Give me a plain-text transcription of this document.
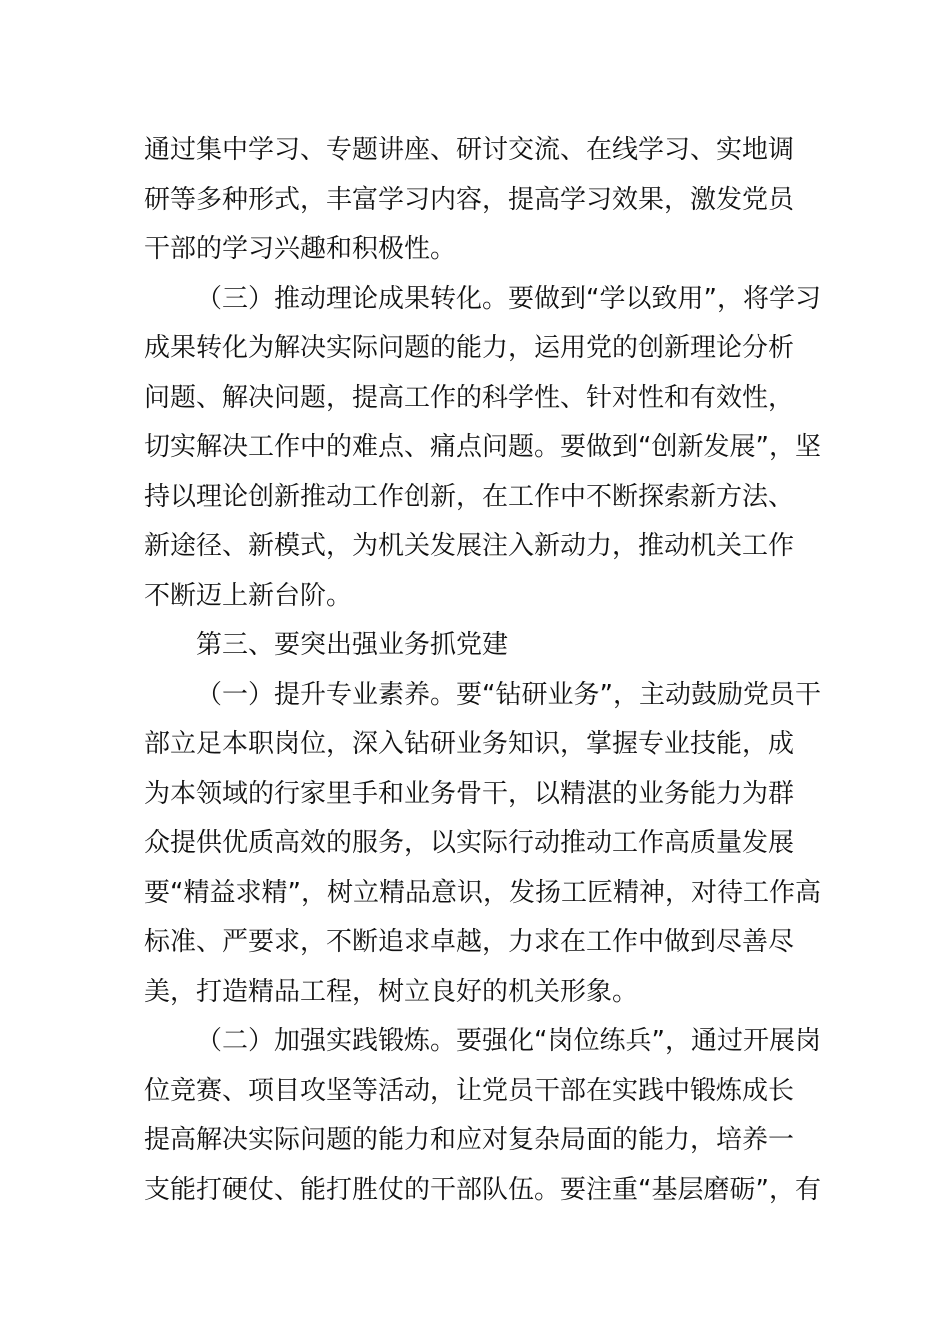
通过集中学习、专题讲座、研讨交流、在线学习、实地调
研等多种形式，丰富学习内容，提高学习效果，激发党员
干部的学习兴趣和积极性。
（三）推动理论成果转化。要做到“学以致用”，将学习
成果转化为解决实际问题的能力，运用党的创新理论分析
问题、解决问题，提高工作的科学性、针对性和有效性，
切实解决工作中的难点、痛点问题。要做到“创新发展”，坚
持以理论创新推动工作创新，在工作中不断探索新方法、
新途径、新模式，为机关发展注入新动力，推动机关工作
不断迈上新台阶。
第三、要突出强业务抓党建
（一）提升专业素养。要“钻研业务”，主动鼓励党员干
部立足本职岗位，深入钻研业务知识，掌握专业技能，成
为本领域的行家里手和业务骨干，以精湛的业务能力为群
众提供优质高效的服务，以实际行动推动工作高质量发展
要“精益求精”，树立精品意识，发扬工匠精神，对待工作高
标准、严要求，不断追求卓越，力求在工作中做到尽善尽
美，打造精品工程，树立良好的机关形象。
（二）加强实践锻炼。要强化“岗位练兵”，通过开展岗
位竞赛、项目攻坚等活动，让党员干部在实践中锻炼成长
提高解决实际问题的能力和应对复杂局面的能力，培养一
支能打硬仗、能打胜仗的干部队伍。要注重“基层磨砺”，有
